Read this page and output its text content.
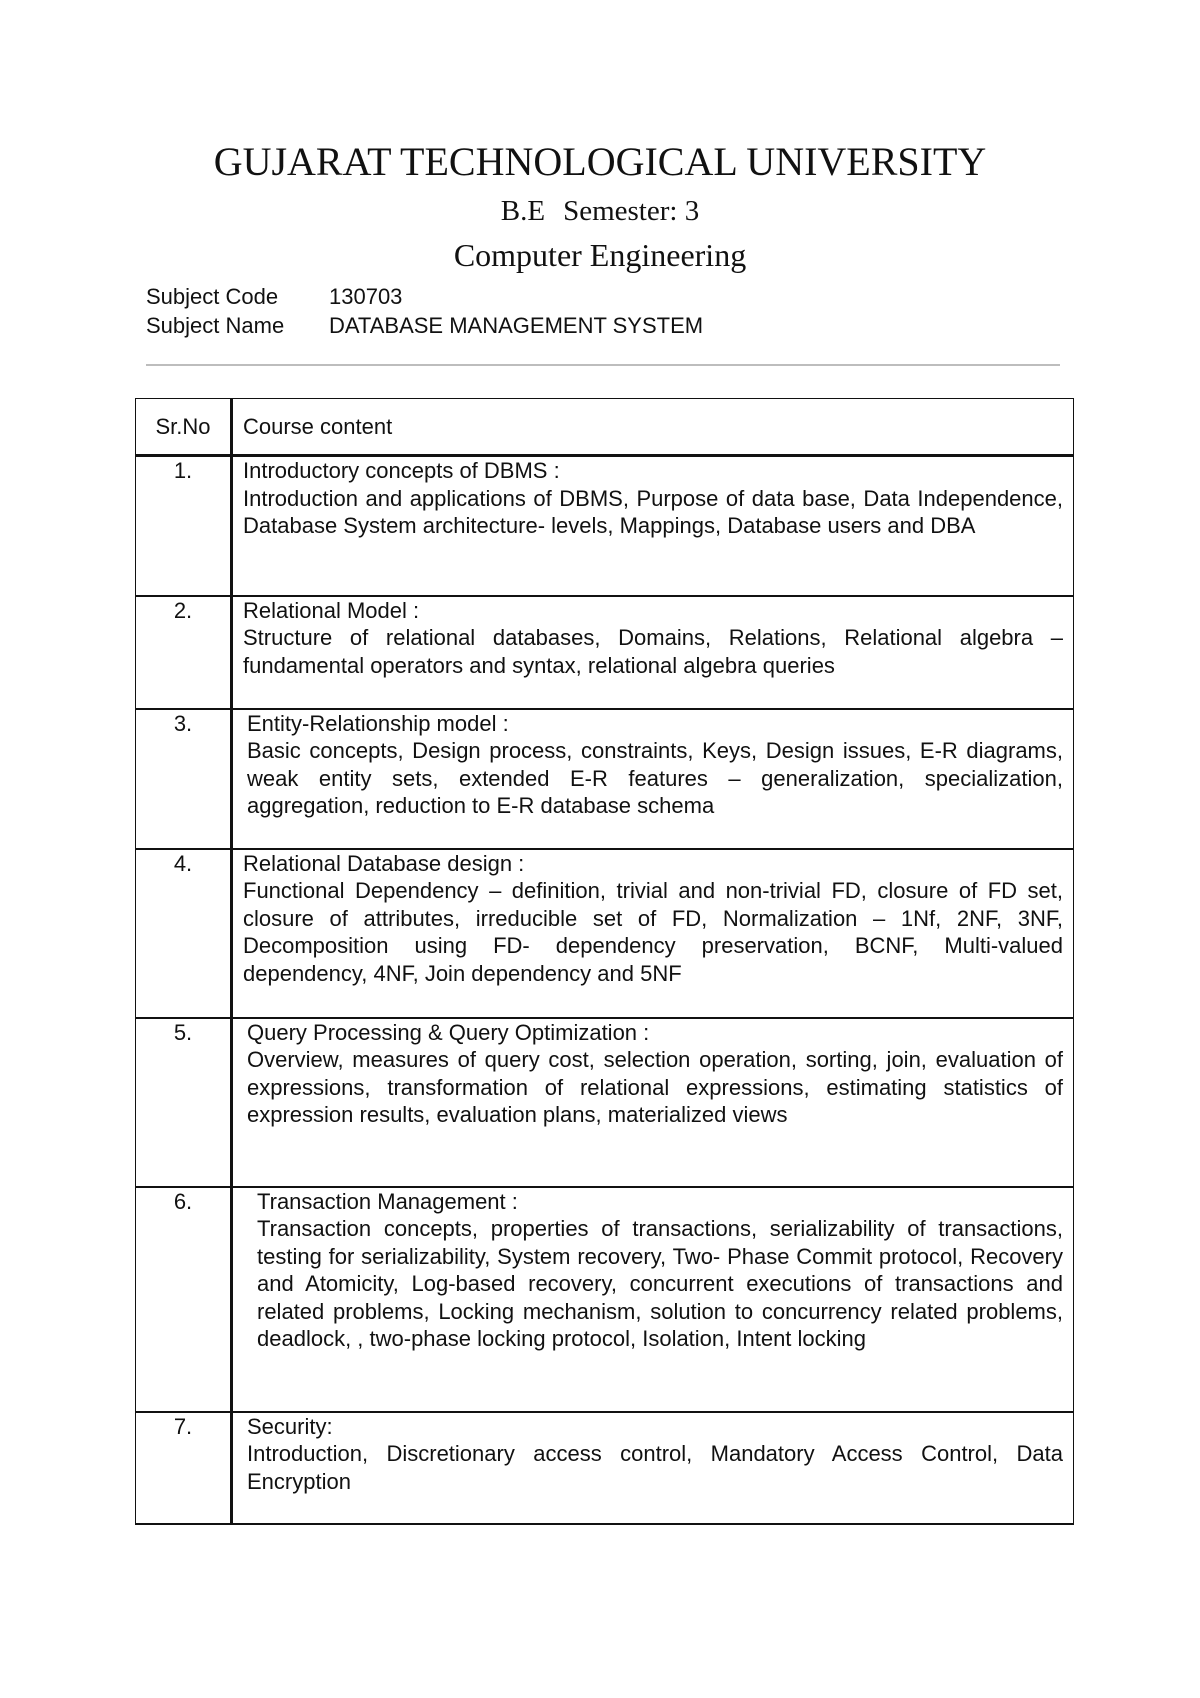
GUJARAT TECHNOLOGICAL UNIVERSITY
B.E Semester: 3
Computer Engineering
Subject Code 130703
Subject Name DATABASE MANAGEMENT SYSTEM
Sr.No	Course content
1.	Introductory concepts of DBMS :
Introduction and applications of DBMS, Purpose of data base, Data Independence, Database System architecture- levels, Mappings, Database users and DBA

2.	Relational Model :
Structure of relational databases, Domains, Relations, Relational algebra – fundamental operators and syntax, relational algebra queries

3.	Entity-Relationship model :
Basic concepts, Design process, constraints, Keys, Design issues, E-R diagrams, weak entity sets, extended E-R features – generalization, specialization, aggregation, reduction to E-R database schema

4.	Relational Database design :
Functional Dependency – definition, trivial and non-trivial FD, closure of FD set, closure of attributes, irreducible set of FD, Normalization – 1Nf, 2NF, 3NF, Decomposition using FD- dependency preservation, BCNF, Multi-valued dependency, 4NF, Join dependency and 5NF

5.	Query Processing & Query Optimization :
Overview, measures of query cost, selection operation, sorting, join, evaluation of expressions, transformation of relational expressions, estimating statistics of expression results, evaluation plans, materialized views

6.	Transaction Management :
Transaction concepts, properties of transactions, serializability of transactions, testing for serializability, System recovery, Two- Phase Commit protocol, Recovery and Atomicity, Log-based recovery, concurrent executions of transactions and related problems, Locking mechanism, solution to concurrency related problems, deadlock, , two-phase locking protocol, Isolation, Intent locking

7.	Security:
Introduction, Discretionary access control, Mandatory Access Control, Data Encryption
